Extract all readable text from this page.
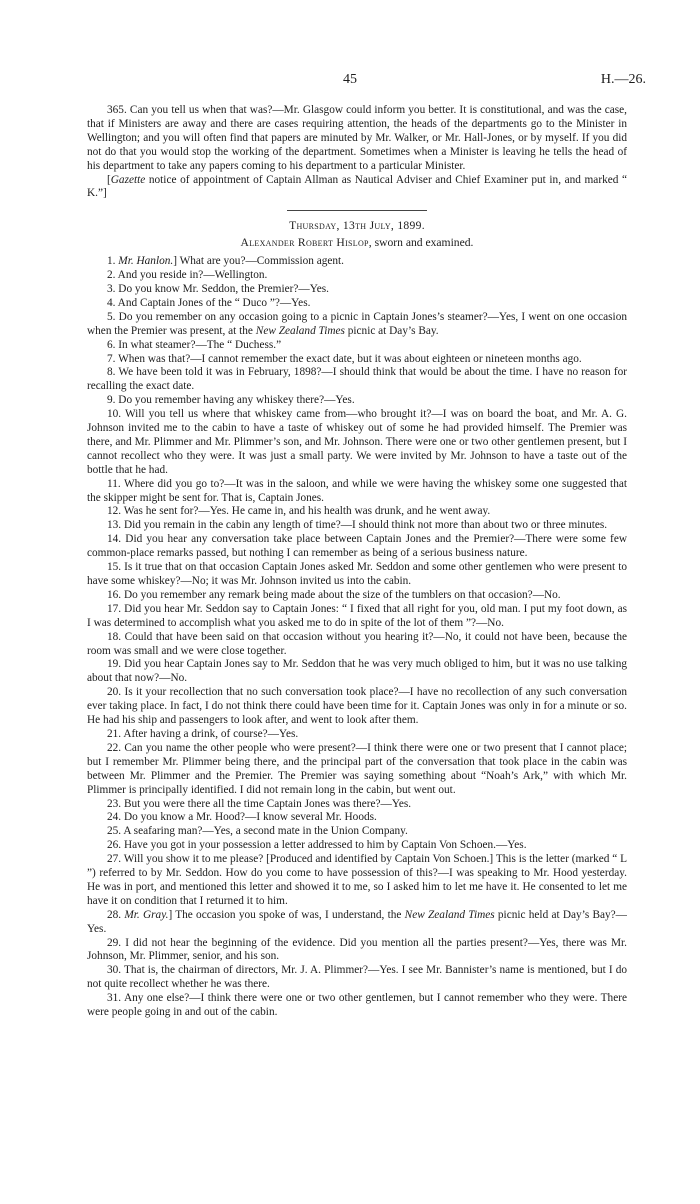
45	H.—26.

365. Can you tell us when that was?—Mr. Glasgow could inform you better. It is constitutional, and was the case, that if Ministers are away and there are cases requiring attention, the heads of the departments go to the Minister in Wellington; and you will often find that papers are minuted by Mr. Walker, or Mr. Hall-Jones, or by myself. If you did not do that you would stop the working of the department. Sometimes when a Minister is leaving he tells the head of his department to take any papers coming to his department to a particular Minister.

[Gazette notice of appointment of Captain Allman as Nautical Adviser and Chief Examiner put in, and marked “ K.”]

Thursday, 13th July, 1899.

Alexander Robert Hislop, sworn and examined.

1. Mr. Hanlon.] What are you?—Commission agent.

2. And you reside in?—Wellington.

3. Do you know Mr. Seddon, the Premier?—Yes.

4. And Captain Jones of the “ Duco ”?—Yes.

5. Do you remember on any occasion going to a picnic in Captain Jones’s steamer?—Yes, I went on one occasion when the Premier was present, at the New Zealand Times picnic at Day’s Bay.

6. In what steamer?—The “ Duchess.”

7. When was that?—I cannot remember the exact date, but it was about eighteen or nineteen months ago.

8. We have been told it was in February, 1898?—I should think that would be about the time. I have no reason for recalling the exact date.

9. Do you remember having any whiskey there?—Yes.

10. Will you tell us where that whiskey came from—who brought it?—I was on board the boat, and Mr. A. G. Johnson invited me to the cabin to have a taste of whiskey out of some he had provided himself. The Premier was there, and Mr. Plimmer and Mr. Plimmer’s son, and Mr. Johnson. There were one or two other gentlemen present, but I cannot recollect who they were. It was just a small party. We were invited by Mr. Johnson to have a taste out of the bottle that he had.

11. Where did you go to?—It was in the saloon, and while we were having the whiskey some one suggested that the skipper might be sent for. That is, Captain Jones.

12. Was he sent for?—Yes. He came in, and his health was drunk, and he went away.

13. Did you remain in the cabin any length of time?—I should think not more than about two or three minutes.

14. Did you hear any conversation take place between Captain Jones and the Premier?—There were some few common-place remarks passed, but nothing I can remember as being of a serious business nature.

15. Is it true that on that occasion Captain Jones asked Mr. Seddon and some other gentlemen who were present to have some whiskey?—No; it was Mr. Johnson invited us into the cabin.

16. Do you remember any remark being made about the size of the tumblers on that occasion?—No.

17. Did you hear Mr. Seddon say to Captain Jones: “ I fixed that all right for you, old man. I put my foot down, as I was determined to accomplish what you asked me to do in spite of the lot of them ”?—No.

18. Could that have been said on that occasion without you hearing it?—No, it could not have been, because the room was small and we were close together.

19. Did you hear Captain Jones say to Mr. Seddon that he was very much obliged to him, but it was no use talking about that now?—No.

20. Is it your recollection that no such conversation took place?—I have no recollection of any such conversation ever taking place. In fact, I do not think there could have been time for it. Captain Jones was only in for a minute or so. He had his ship and passengers to look after, and went to look after them.

21. After having a drink, of course?—Yes.

22. Can you name the other people who were present?—I think there were one or two present that I cannot place; but I remember Mr. Plimmer being there, and the principal part of the conversation that took place in the cabin was between Mr. Plimmer and the Premier. The Premier was saying something about “Noah’s Ark,” with which Mr. Plimmer is principally identified. I did not remain long in the cabin, but went out.

23. But you were there all the time Captain Jones was there?—Yes.

24. Do you know a Mr. Hood?—I know several Mr. Hoods.

25. A seafaring man?—Yes, a second mate in the Union Company.

26. Have you got in your possession a letter addressed to him by Captain Von Schoen.—Yes.

27. Will you show it to me please? [Produced and identified by Captain Von Schoen.] This is the letter (marked “ L ”) referred to by Mr. Seddon. How do you come to have possession of this?—I was speaking to Mr. Hood yesterday. He was in port, and mentioned this letter and showed it to me, so I asked him to let me have it. He consented to let me have it on condition that I returned it to him.

28. Mr. Gray.] The occasion you spoke of was, I understand, the New Zealand Times picnic held at Day’s Bay?—Yes.

29. I did not hear the beginning of the evidence. Did you mention all the parties present?—Yes, there was Mr. Johnson, Mr. Plimmer, senior, and his son.

30. That is, the chairman of directors, Mr. J. A. Plimmer?—Yes. I see Mr. Bannister’s name is mentioned, but I do not quite recollect whether he was there.

31. Any one else?—I think there were one or two other gentlemen, but I cannot remember who they were. There were people going in and out of the cabin.
